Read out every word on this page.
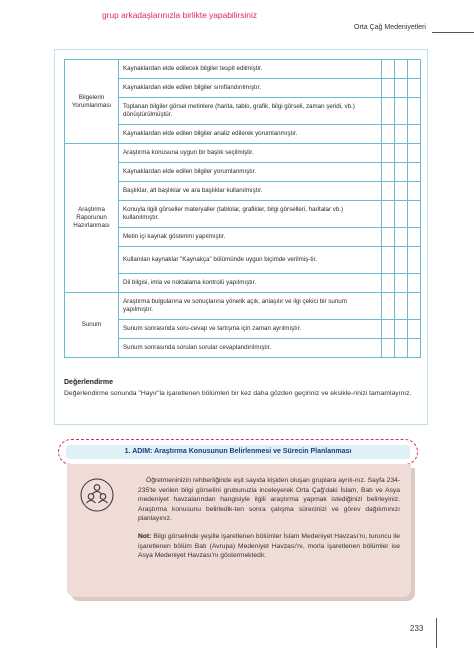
grup arkadaşlarınızla birlikte yapabilirsiniz
Orta Çağ Medeniyetleri
Bilgelerin Yorumlanması	Kaynaklardan elde edilecek bilgiler tespit edilmiştir.			
	Kaynaklardan elde edilen bilgiler sınıflandırılmıştır.			
	Toplanan bilgiler görsel metinlere (harita, tablo, grafik, bilgi görseli, zaman şeridi, vb.) dönüştürülmüştür.			
	Kaynaklardan elde edilen bilgiler analiz edilerek yorumlanmıştır.			
Araştırma Raporunun Hazırlanması	Araştırma konusuna uygun bir başlık seçilmiştir.			
	Kaynaklardan elde edilen bilgiler yorumlanmıştır.			
	Başlıklar, alt başlıklar ve ara başlıklar kullanılmıştır.			
	Konuyla ilgili görseller materyaller (tablolar, grafikler, bilgi görselleri, haritalar vb.) kullanılmıştır.			
	Metin içi kaynak gösterimi yapılmıştır.			
	Kullanılan kaynaklar "Kaynakça" bölümünde uygun biçimde verilmiş-tir.			
	Dil bilgisi, imla ve noktalama kontrolü yapılmıştır.			
Sunum	Araştırma bulgularına ve sonuçlarına yönelik açık, anlaşılır ve ilgi çekici bir sunum yapılmıştır.			
	Sunum sonrasında soru-cevap ve tartışma için zaman ayrılmıştır.			
	Sunum sonrasında sorulan sorular cevaplandırılmıştır.			
Değerlendirme
Değerlendirme sonunda "Hayır"la işaretlenen bölümleri bir kez daha gözden geçiriniz ve eksikle-rinizi tamamlayınız.
1. ADIM: Araştırma Konusunun Belirlenmesi ve Sürecin Planlanması
Öğretmeninizin rehberliğinde eşit sayıda kişiden oluşan gruplara ayrılı-nız. Sayfa 234-235'te verilen bilgi görselini grubunuzla inceleyerek Orta Çağ'daki İslam, Batı ve Asya medeniyet havzalarından hangisiyle ilgili araştırma yapmak istediğinizi belirleyiniz. Araştırma konusunu belirledik-ten sonra çalışma sürecinizi ve görev dağılımınızı planlayınız.
Not: Bilgi görselinde yeşille işaretlenen bölümler İslam Medeniyet Havzası'nı, turuncu ile işaretlenen bölüm Batı (Avrupa) Medeniyet Havzası'nı, morla işaretlenen bölümler ise Asya Medeniyet Havzası'nı göstermektedir.
233
